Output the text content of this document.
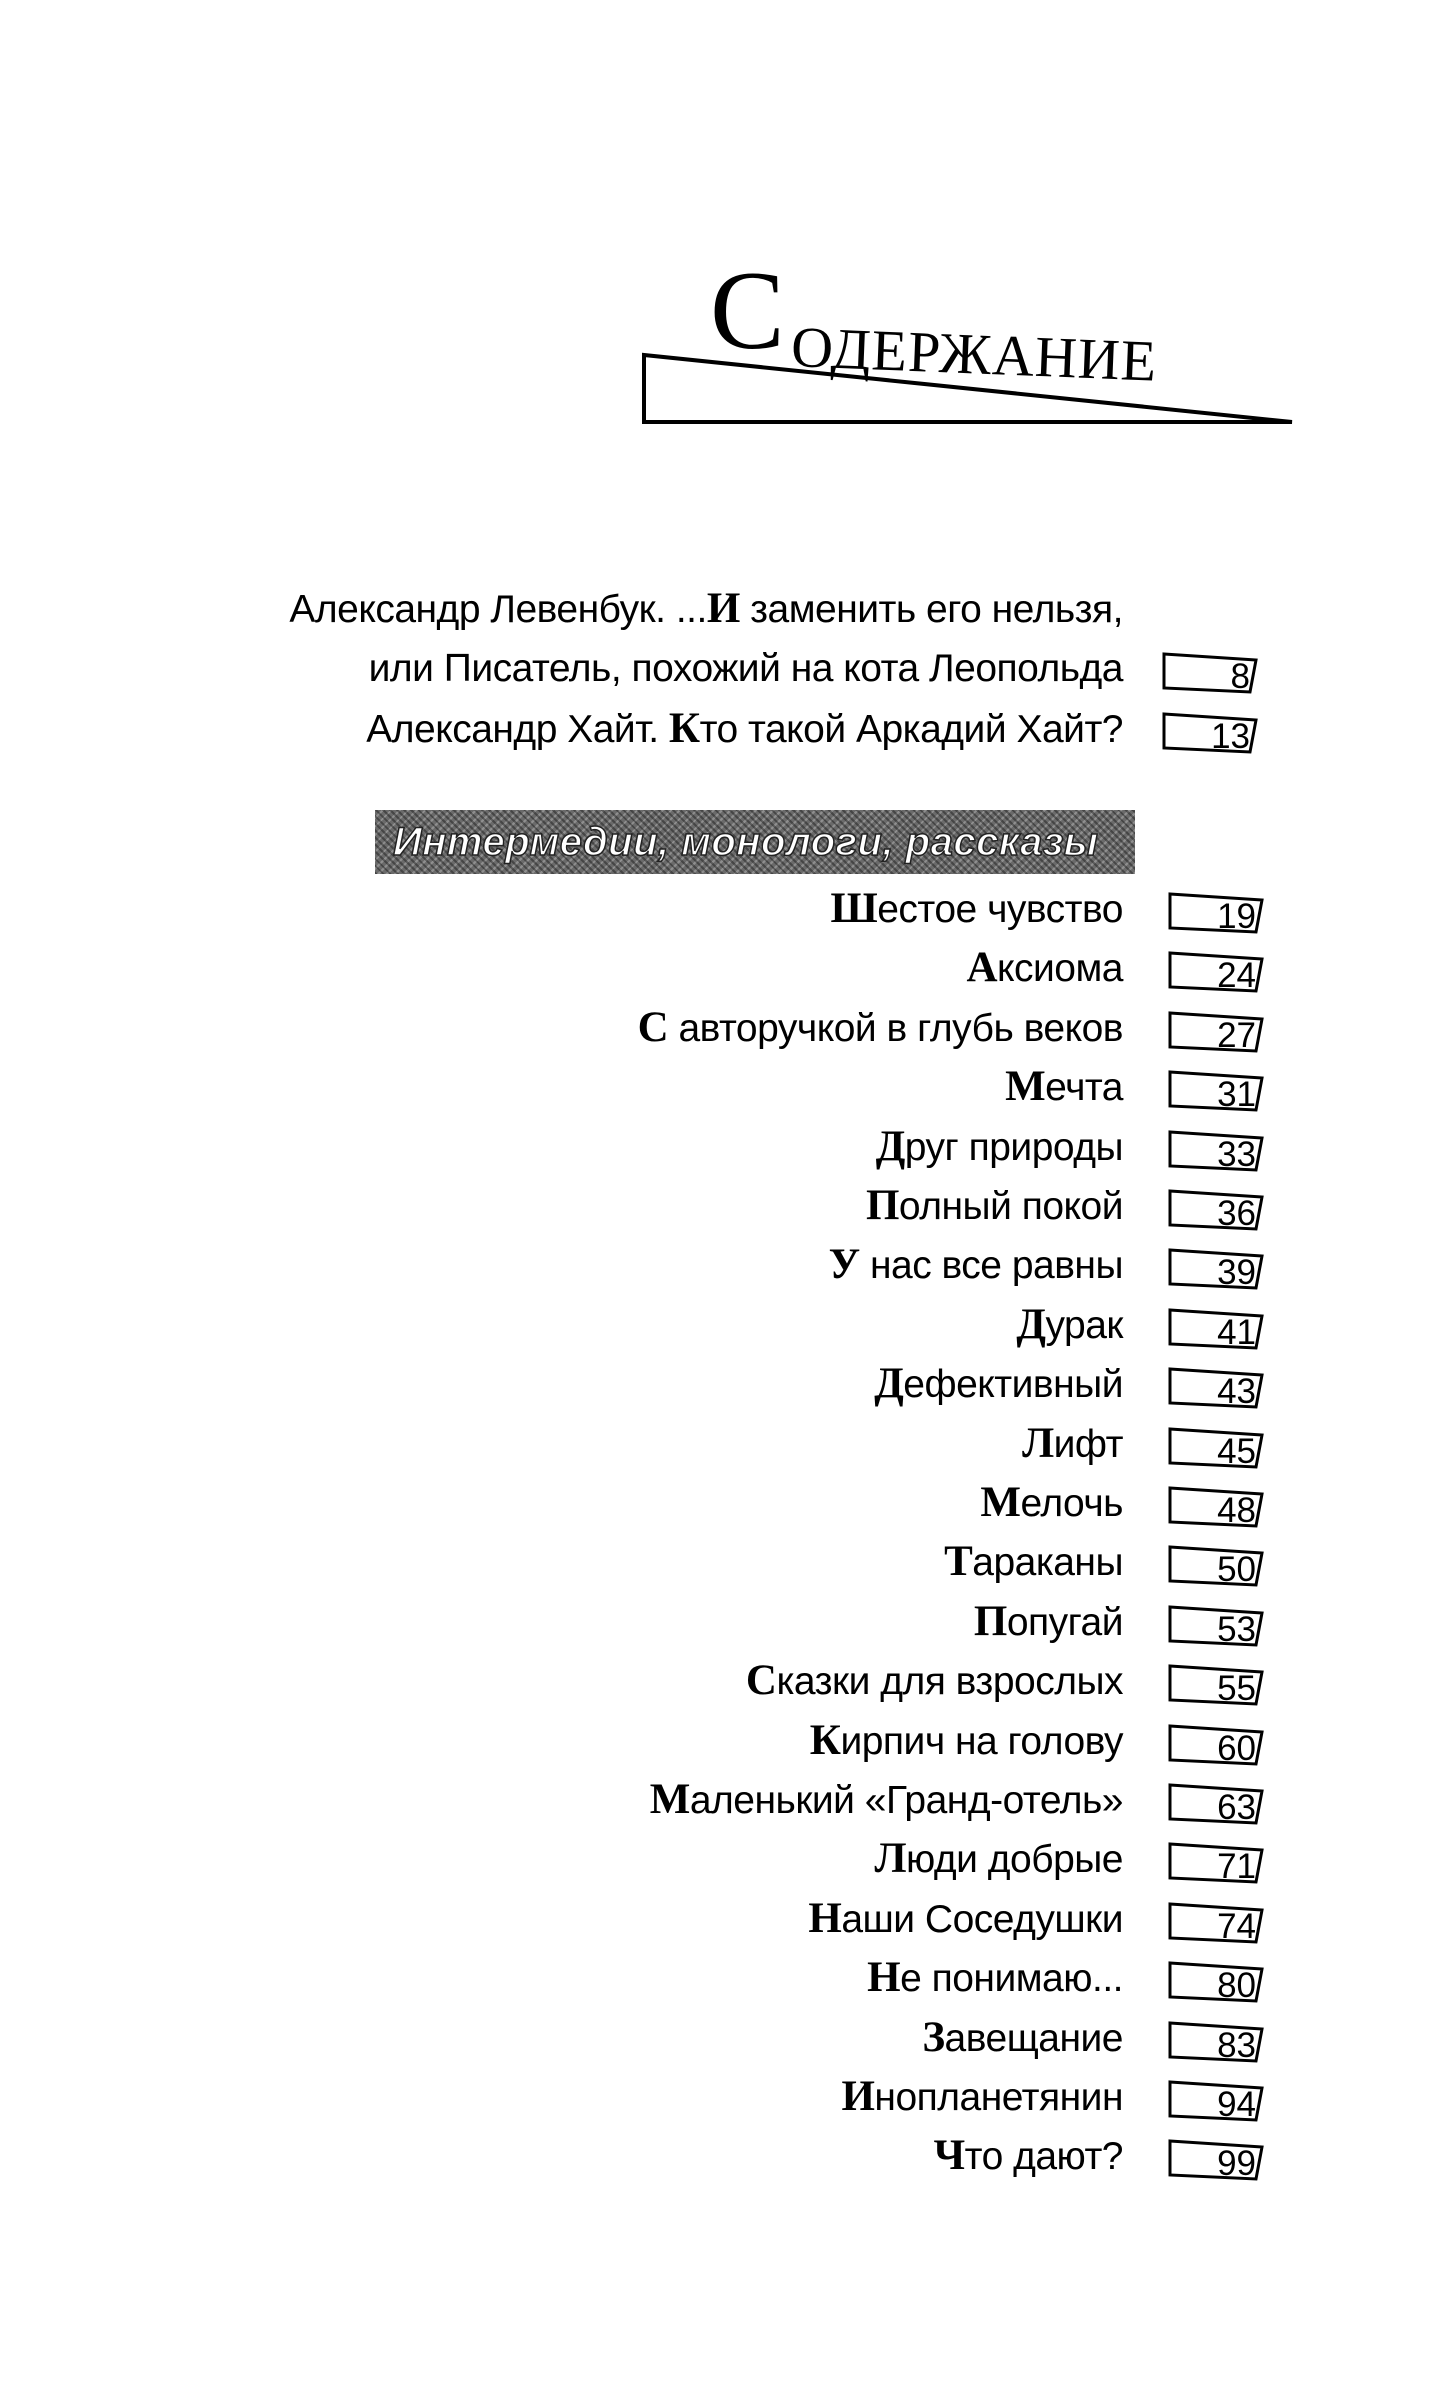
С ОДЕРЖАНИЕ
Александр Левенбук. ...И заменить его нельзя,
или Писатель, похожий на кота Леопольда	8
Александр Хайт. Кто такой Аркадий Хайт?	13
Интермедии, монологи, рассказы
Шестое чувство	19
Аксиома	24
С авторучкой в глубь веков	27
Мечта	31
Друг природы	33
Полный покой	36
У нас все равны	39
Дурак	41
Дефективный	43
Лифт	45
Мелочь	48
Тараканы	50
Попугай	53
Сказки для взрослых	55
Кирпич на голову	60
Маленький «Гранд-отель»	63
Люди добрые	71
Наши Соседушки	74
Не понимаю...	80
Завещание	83
Инопланетянин	94
Что дают?	99
